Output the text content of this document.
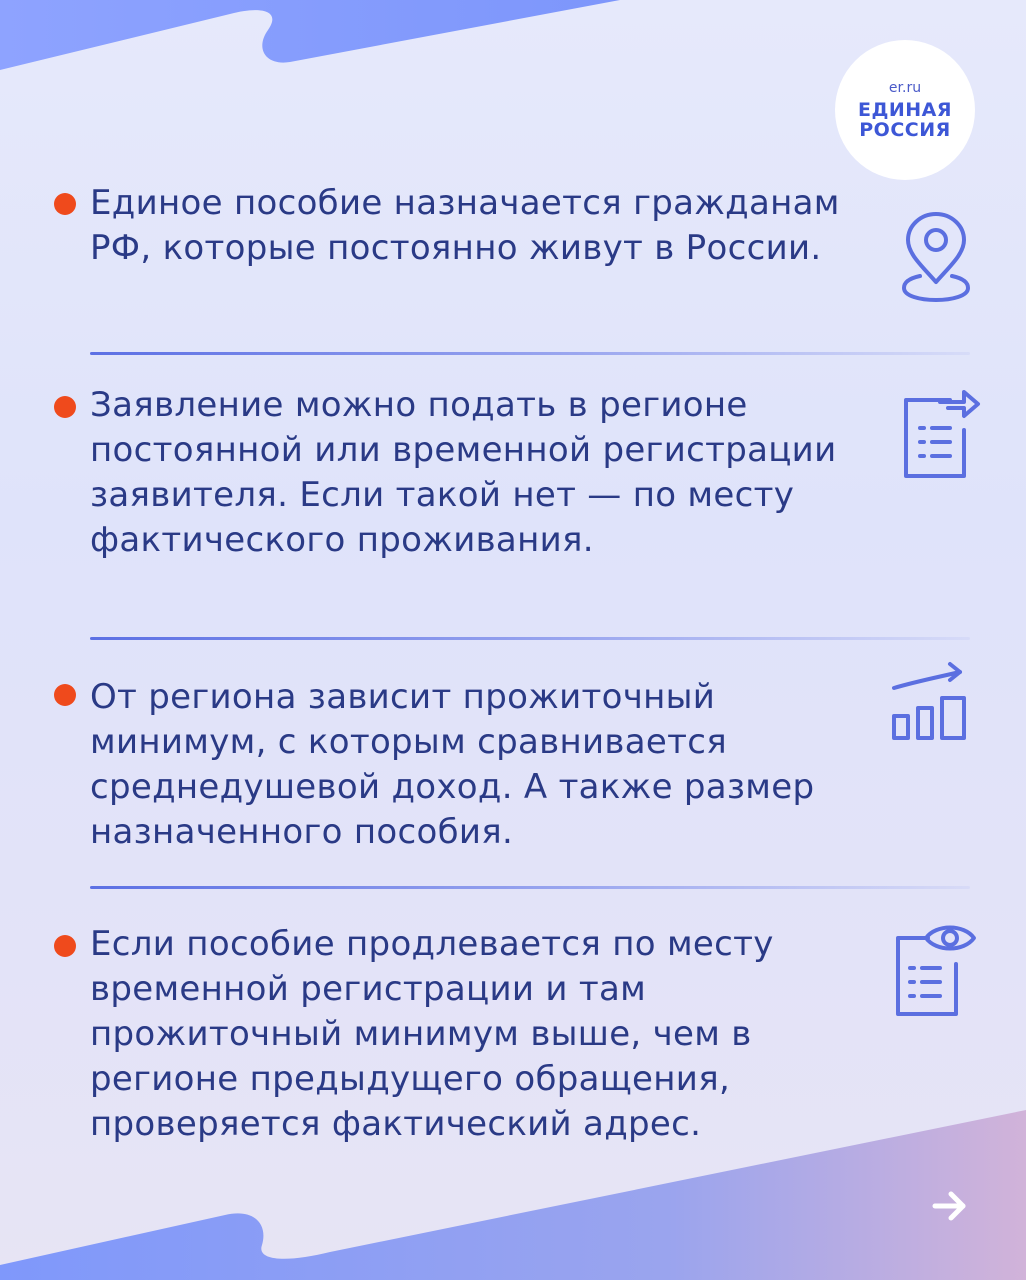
er.ru
ЕДИНАЯ
РОССИЯ
Единое пособие назначается гражданам РФ, которые постоянно живут в России.
Заявление можно подать в регионе постоянной или временной регистрации заявителя. Если такой нет — по месту фактического проживания.
От региона зависит прожиточный минимум, с которым сравнивается среднедушевой доход. А также размер назначенного пособия.
Если пособие продлевается по месту временной регистрации и там прожиточный минимум выше, чем в регионе предыдущего обращения, проверяется фактический адрес.
